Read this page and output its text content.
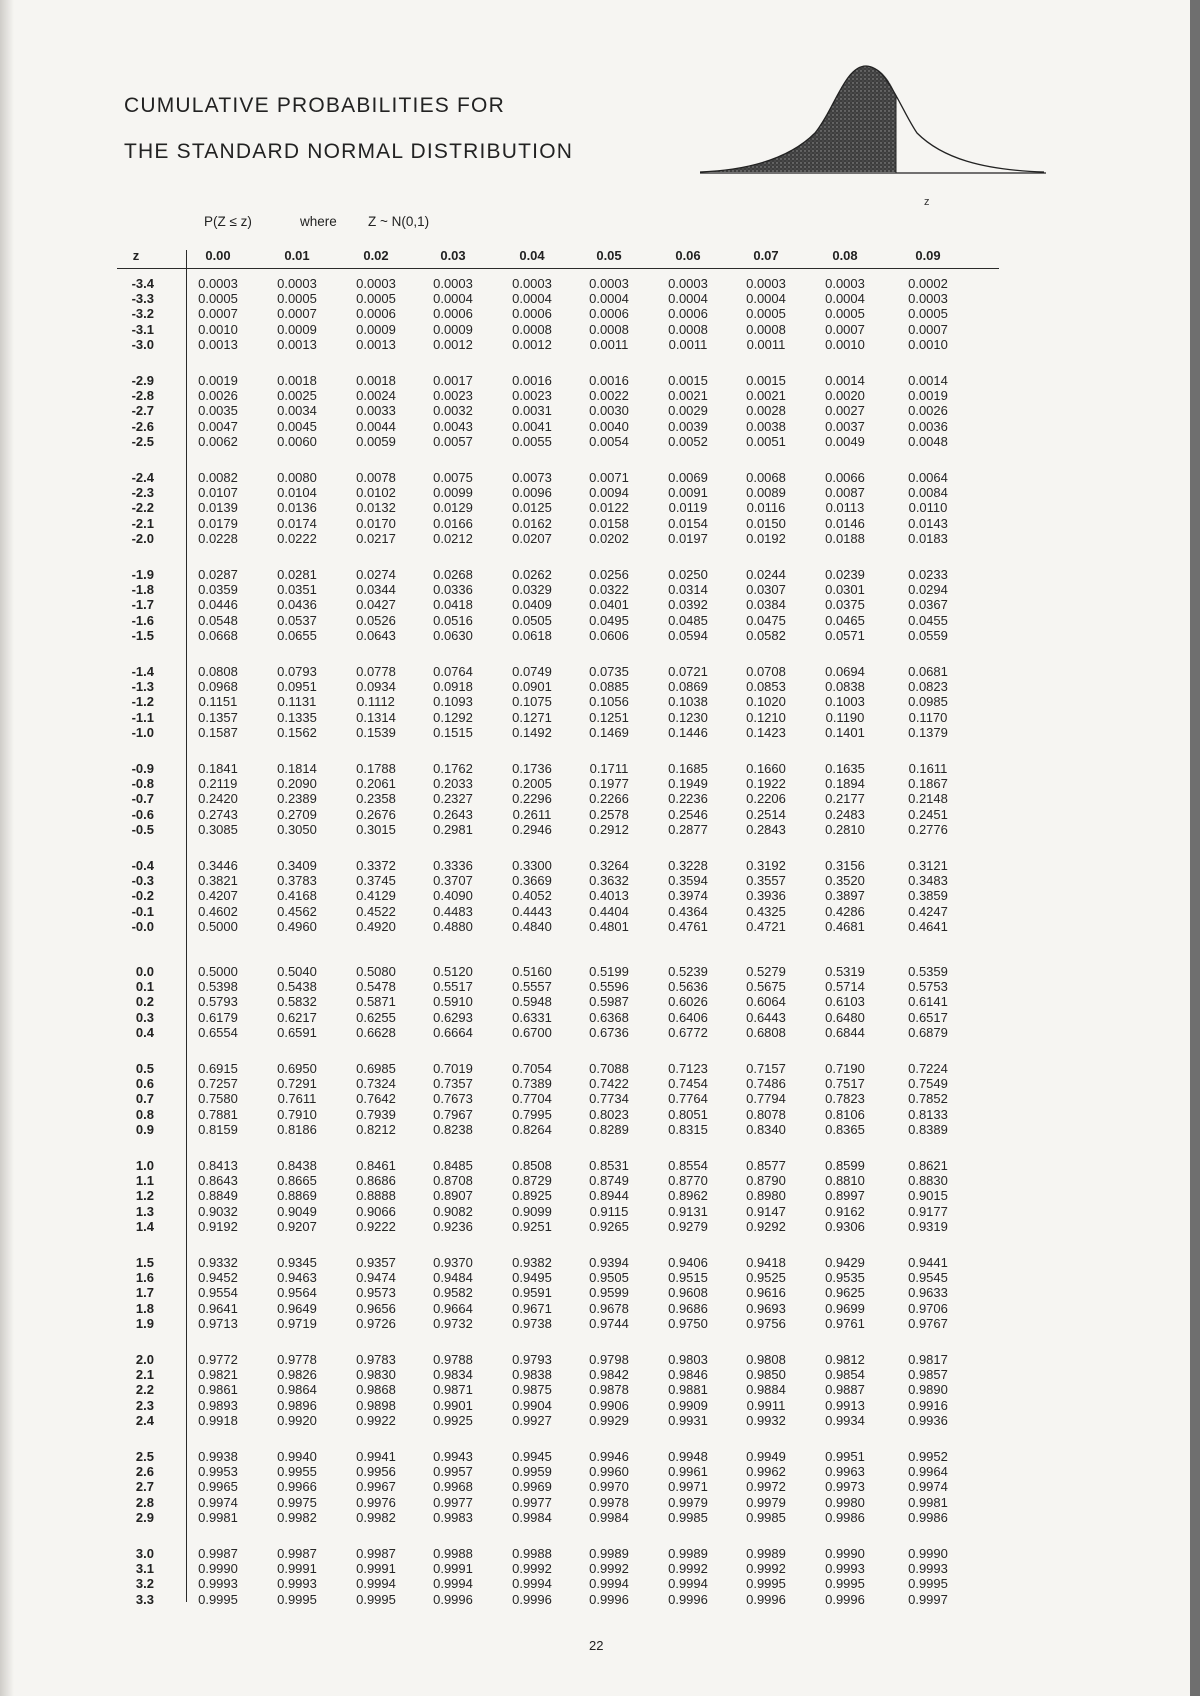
CUMULATIVE PROBABILITIES FOR
THE STANDARD NORMAL DISTRIBUTION
z
P(Z ≤ z)	where Z ~ N(0,1)
z	0.00	0.01	0.02	0.03	0.04	0.05	0.06	0.07	0.08	0.09
-3.4	0.0003	0.0003	0.0003	0.0003	0.0003	0.0003	0.0003	0.0003	0.0003	0.0002
-3.3	0.0005	0.0005	0.0005	0.0004	0.0004	0.0004	0.0004	0.0004	0.0004	0.0003
-3.2	0.0007	0.0007	0.0006	0.0006	0.0006	0.0006	0.0006	0.0005	0.0005	0.0005
-3.1	0.0010	0.0009	0.0009	0.0009	0.0008	0.0008	0.0008	0.0008	0.0007	0.0007
-3.0	0.0013	0.0013	0.0013	0.0012	0.0012	0.0011	0.0011	0.0011	0.0010	0.0010
-2.9	0.0019	0.0018	0.0018	0.0017	0.0016	0.0016	0.0015	0.0015	0.0014	0.0014
-2.8	0.0026	0.0025	0.0024	0.0023	0.0023	0.0022	0.0021	0.0021	0.0020	0.0019
-2.7	0.0035	0.0034	0.0033	0.0032	0.0031	0.0030	0.0029	0.0028	0.0027	0.0026
-2.6	0.0047	0.0045	0.0044	0.0043	0.0041	0.0040	0.0039	0.0038	0.0037	0.0036
-2.5	0.0062	0.0060	0.0059	0.0057	0.0055	0.0054	0.0052	0.0051	0.0049	0.0048
-2.4	0.0082	0.0080	0.0078	0.0075	0.0073	0.0071	0.0069	0.0068	0.0066	0.0064
-2.3	0.0107	0.0104	0.0102	0.0099	0.0096	0.0094	0.0091	0.0089	0.0087	0.0084
-2.2	0.0139	0.0136	0.0132	0.0129	0.0125	0.0122	0.0119	0.0116	0.0113	0.0110
-2.1	0.0179	0.0174	0.0170	0.0166	0.0162	0.0158	0.0154	0.0150	0.0146	0.0143
-2.0	0.0228	0.0222	0.0217	0.0212	0.0207	0.0202	0.0197	0.0192	0.0188	0.0183
-1.9	0.0287	0.0281	0.0274	0.0268	0.0262	0.0256	0.0250	0.0244	0.0239	0.0233
-1.8	0.0359	0.0351	0.0344	0.0336	0.0329	0.0322	0.0314	0.0307	0.0301	0.0294
-1.7	0.0446	0.0436	0.0427	0.0418	0.0409	0.0401	0.0392	0.0384	0.0375	0.0367
-1.6	0.0548	0.0537	0.0526	0.0516	0.0505	0.0495	0.0485	0.0475	0.0465	0.0455
-1.5	0.0668	0.0655	0.0643	0.0630	0.0618	0.0606	0.0594	0.0582	0.0571	0.0559
-1.4	0.0808	0.0793	0.0778	0.0764	0.0749	0.0735	0.0721	0.0708	0.0694	0.0681
-1.3	0.0968	0.0951	0.0934	0.0918	0.0901	0.0885	0.0869	0.0853	0.0838	0.0823
-1.2	0.1151	0.1131	0.1112	0.1093	0.1075	0.1056	0.1038	0.1020	0.1003	0.0985
-1.1	0.1357	0.1335	0.1314	0.1292	0.1271	0.1251	0.1230	0.1210	0.1190	0.1170
-1.0	0.1587	0.1562	0.1539	0.1515	0.1492	0.1469	0.1446	0.1423	0.1401	0.1379
-0.9	0.1841	0.1814	0.1788	0.1762	0.1736	0.1711	0.1685	0.1660	0.1635	0.1611
-0.8	0.2119	0.2090	0.2061	0.2033	0.2005	0.1977	0.1949	0.1922	0.1894	0.1867
-0.7	0.2420	0.2389	0.2358	0.2327	0.2296	0.2266	0.2236	0.2206	0.2177	0.2148
-0.6	0.2743	0.2709	0.2676	0.2643	0.2611	0.2578	0.2546	0.2514	0.2483	0.2451
-0.5	0.3085	0.3050	0.3015	0.2981	0.2946	0.2912	0.2877	0.2843	0.2810	0.2776
-0.4	0.3446	0.3409	0.3372	0.3336	0.3300	0.3264	0.3228	0.3192	0.3156	0.3121
-0.3	0.3821	0.3783	0.3745	0.3707	0.3669	0.3632	0.3594	0.3557	0.3520	0.3483
-0.2	0.4207	0.4168	0.4129	0.4090	0.4052	0.4013	0.3974	0.3936	0.3897	0.3859
-0.1	0.4602	0.4562	0.4522	0.4483	0.4443	0.4404	0.4364	0.4325	0.4286	0.4247
-0.0	0.5000	0.4960	0.4920	0.4880	0.4840	0.4801	0.4761	0.4721	0.4681	0.4641
0.0	0.5000	0.5040	0.5080	0.5120	0.5160	0.5199	0.5239	0.5279	0.5319	0.5359
0.1	0.5398	0.5438	0.5478	0.5517	0.5557	0.5596	0.5636	0.5675	0.5714	0.5753
0.2	0.5793	0.5832	0.5871	0.5910	0.5948	0.5987	0.6026	0.6064	0.6103	0.6141
0.3	0.6179	0.6217	0.6255	0.6293	0.6331	0.6368	0.6406	0.6443	0.6480	0.6517
0.4	0.6554	0.6591	0.6628	0.6664	0.6700	0.6736	0.6772	0.6808	0.6844	0.6879
0.5	0.6915	0.6950	0.6985	0.7019	0.7054	0.7088	0.7123	0.7157	0.7190	0.7224
0.6	0.7257	0.7291	0.7324	0.7357	0.7389	0.7422	0.7454	0.7486	0.7517	0.7549
0.7	0.7580	0.7611	0.7642	0.7673	0.7704	0.7734	0.7764	0.7794	0.7823	0.7852
0.8	0.7881	0.7910	0.7939	0.7967	0.7995	0.8023	0.8051	0.8078	0.8106	0.8133
0.9	0.8159	0.8186	0.8212	0.8238	0.8264	0.8289	0.8315	0.8340	0.8365	0.8389
1.0	0.8413	0.8438	0.8461	0.8485	0.8508	0.8531	0.8554	0.8577	0.8599	0.8621
1.1	0.8643	0.8665	0.8686	0.8708	0.8729	0.8749	0.8770	0.8790	0.8810	0.8830
1.2	0.8849	0.8869	0.8888	0.8907	0.8925	0.8944	0.8962	0.8980	0.8997	0.9015
1.3	0.9032	0.9049	0.9066	0.9082	0.9099	0.9115	0.9131	0.9147	0.9162	0.9177
1.4	0.9192	0.9207	0.9222	0.9236	0.9251	0.9265	0.9279	0.9292	0.9306	0.9319
1.5	0.9332	0.9345	0.9357	0.9370	0.9382	0.9394	0.9406	0.9418	0.9429	0.9441
1.6	0.9452	0.9463	0.9474	0.9484	0.9495	0.9505	0.9515	0.9525	0.9535	0.9545
1.7	0.9554	0.9564	0.9573	0.9582	0.9591	0.9599	0.9608	0.9616	0.9625	0.9633
1.8	0.9641	0.9649	0.9656	0.9664	0.9671	0.9678	0.9686	0.9693	0.9699	0.9706
1.9	0.9713	0.9719	0.9726	0.9732	0.9738	0.9744	0.9750	0.9756	0.9761	0.9767
2.0	0.9772	0.9778	0.9783	0.9788	0.9793	0.9798	0.9803	0.9808	0.9812	0.9817
2.1	0.9821	0.9826	0.9830	0.9834	0.9838	0.9842	0.9846	0.9850	0.9854	0.9857
2.2	0.9861	0.9864	0.9868	0.9871	0.9875	0.9878	0.9881	0.9884	0.9887	0.9890
2.3	0.9893	0.9896	0.9898	0.9901	0.9904	0.9906	0.9909	0.9911	0.9913	0.9916
2.4	0.9918	0.9920	0.9922	0.9925	0.9927	0.9929	0.9931	0.9932	0.9934	0.9936
2.5	0.9938	0.9940	0.9941	0.9943	0.9945	0.9946	0.9948	0.9949	0.9951	0.9952
2.6	0.9953	0.9955	0.9956	0.9957	0.9959	0.9960	0.9961	0.9962	0.9963	0.9964
2.7	0.9965	0.9966	0.9967	0.9968	0.9969	0.9970	0.9971	0.9972	0.9973	0.9974
2.8	0.9974	0.9975	0.9976	0.9977	0.9977	0.9978	0.9979	0.9979	0.9980	0.9981
2.9	0.9981	0.9982	0.9982	0.9983	0.9984	0.9984	0.9985	0.9985	0.9986	0.9986
3.0	0.9987	0.9987	0.9987	0.9988	0.9988	0.9989	0.9989	0.9989	0.9990	0.9990
3.1	0.9990	0.9991	0.9991	0.9991	0.9992	0.9992	0.9992	0.9992	0.9993	0.9993
3.2	0.9993	0.9993	0.9994	0.9994	0.9994	0.9994	0.9994	0.9995	0.9995	0.9995
3.3	0.9995	0.9995	0.9995	0.9996	0.9996	0.9996	0.9996	0.9996	0.9996	0.9997
22
